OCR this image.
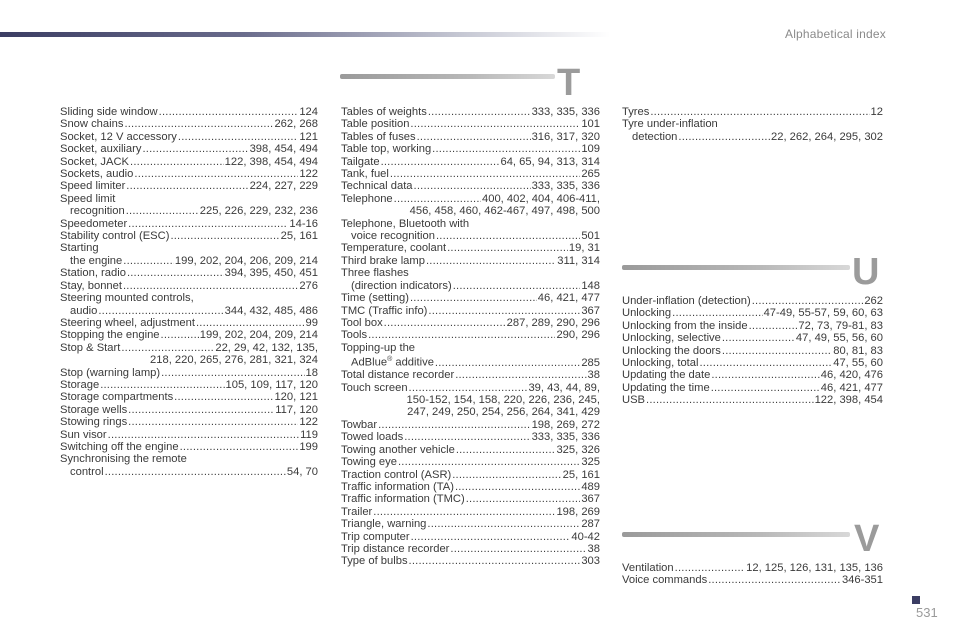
Alphabetical index
T
U
V
Sliding side window .....	124
Snow chains .....	262, 268
Socket, 12 V accessory .....	121
Socket, auxiliary .....	398, 454, 494
Socket, JACK .....	122, 398, 454, 494
Sockets, audio .....	122
Speed limiter .....	224, 227, 229
Speed limit
recognition .....	225, 226, 229, 232, 236
Speedometer .....	14-16
Stability control (ESC) .....	25, 161
Starting
the engine .....	199, 202, 204, 206, 209, 214
Station, radio .....	394, 395, 450, 451
Stay, bonnet .....	276
Steering mounted controls,
audio .....	344, 432, 485, 486
Steering wheel, adjustment .....	99
Stopping the engine .....	199, 202, 204, 209, 214
Stop & Start .....	22, 29, 42, 132, 135,
218, 220, 265, 276, 281, 321, 324
Stop (warning lamp) .....	18
Storage .....	105, 109, 117, 120
Storage compartments .....	120, 121
Storage wells .....	117, 120
Stowing rings .....	122
Sun visor .....	119
Switching off the engine .....	199
Synchronising the remote
control .....	54, 70
Tables of weights .....	333, 335, 336
Table position .....	101
Tables of fuses .....	316, 317, 320
Table top, working .....	109
Tailgate .....	64, 65, 94, 313, 314
Tank, fuel .....	265
Technical data .....	333, 335, 336
Telephone .....	400, 402, 404, 406-411,
456, 458, 460, 462-467, 497, 498, 500
Telephone, Bluetooth with
voice recognition .....	501
Temperature, coolant .....	19, 31
Third brake lamp .....	311, 314
Three flashes
(direction indicators) .....	148
Time (setting) .....	46, 421, 477
TMC (Traffic info) .....	367
Tool box .....	287, 289, 290, 296
Tools .....	290, 296
Topping-up the
AdBlue® additive .....	285
Total distance recorder .....	38
Touch screen .....	39, 43, 44, 89,
150-152, 154, 158, 220, 226, 236, 245,
247, 249, 250, 254, 256, 264, 341, 429
Towbar .....	198, 269, 272
Towed loads .....	333, 335, 336
Towing another vehicle .....	325, 326
Towing eye .....	325
Traction control (ASR) .....	25, 161
Traffic information (TA) .....	489
Traffic information (TMC) .....	367
Trailer .....	198, 269
Triangle, warning .....	287
Trip computer .....	40-42
Trip distance recorder .....	38
Type of bulbs .....	303
Tyres .....	12
Tyre under-inflation
detection .....	22, 262, 264, 295, 302
Under-inflation (detection) .....	262
Unlocking .....	47-49, 55-57, 59, 60, 63
Unlocking from the inside .....	72, 73, 79-81, 83
Unlocking, selective .....	47, 49, 55, 56, 60
Unlocking the doors .....	80, 81, 83
Unlocking, total .....	47, 55, 60
Updating the date .....	46, 420, 476
Updating the time .....	46, 421, 477
USB .....	122, 398, 454
Ventilation .....	12, 125, 126, 131, 135, 136
Voice commands .....	346-351
531
